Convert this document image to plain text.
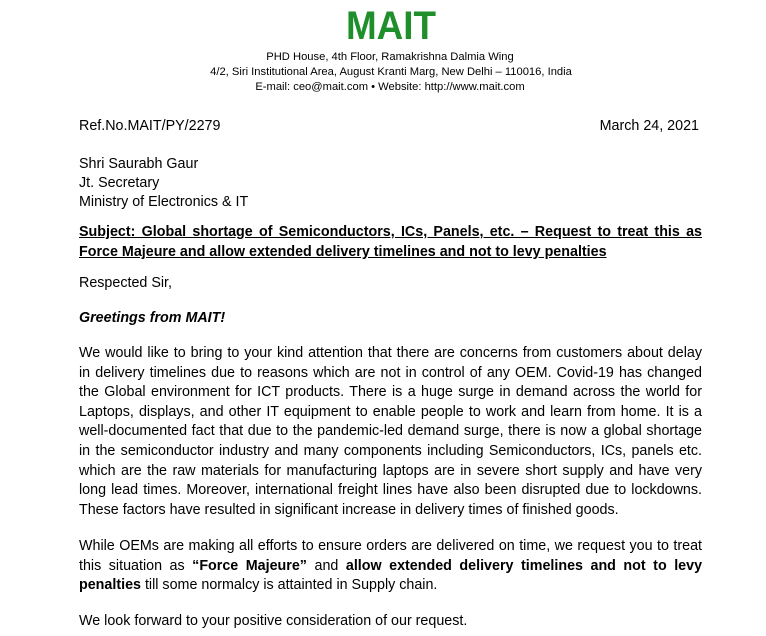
MAIT
PHD House, 4th Floor, Ramakrishna Dalmia Wing
4/2, Siri Institutional Area, August Kranti Marg, New Delhi – 110016, India
E-mail: ceo@mait.com • Website: http://www.mait.com
Ref.No.MAIT/PY/2279	March 24, 2021
Shri Saurabh Gaur
Jt. Secretary
Ministry of Electronics & IT
Subject: Global shortage of Semiconductors, ICs, Panels, etc. – Request to treat this as
Force Majeure and allow extended delivery timelines and not to levy penalties
Respected Sir,
Greetings from MAIT!
We would like to bring to your kind attention that there are concerns from customers about delay
in delivery timelines due to reasons which are not in control of any OEM. Covid-19 has changed
the Global environment for ICT products. There is a huge surge in demand across the world for
Laptops, displays, and other IT equipment to enable people to work and learn from home. It is a
well-documented fact that due to the pandemic-led demand surge, there is now a global shortage
in the semiconductor industry and many components including Semiconductors, ICs, panels etc.
which are the raw materials for manufacturing laptops are in severe short supply and have very
long lead times. Moreover, international freight lines have also been disrupted due to lockdowns.
These factors have resulted in significant increase in delivery times of finished goods.
While OEMs are making all efforts to ensure orders are delivered on time, we request you to treat
this situation as “Force Majeure” and allow extended delivery timelines and not to levy
penalties till some normalcy is attainted in Supply chain.
We look forward to your positive consideration of our request.
